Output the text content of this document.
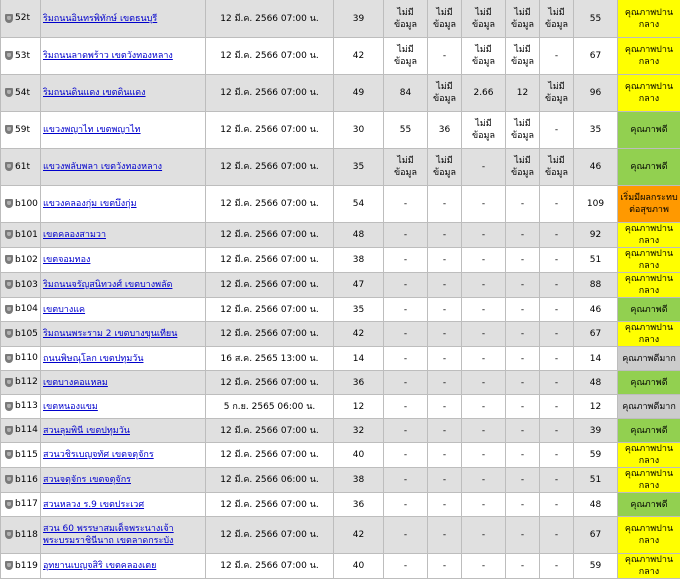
52t	ริมถนนอินทรพิทักษ์ เขตธนบุรี	12 มี.ค. 2566 07:00 น.	39	ไม่มีข้อมูล	ไม่มีข้อมูล	ไม่มีข้อมูล	ไม่มีข้อมูล	ไม่มีข้อมูล	55	คุณภาพปานกลาง
53t	ริมถนนลาดพร้าว เขตวังทองหลาง	12 มี.ค. 2566 07:00 น.	42	ไม่มีข้อมูล	-	ไม่มีข้อมูล	ไม่มีข้อมูล	-	67	คุณภาพปานกลาง
54t	ริมถนนดินแดง เขตดินแดง	12 มี.ค. 2566 07:00 น.	49	84	ไม่มีข้อมูล	2.66	12	ไม่มีข้อมูล	96	คุณภาพปานกลาง
59t	แขวงพญาไท เขตพญาไท	12 มี.ค. 2566 07:00 น.	30	55	36	ไม่มีข้อมูล	ไม่มีข้อมูล	-	35	คุณภาพดี
61t	แขวงพลับพลา เขตวังทองหลาง	12 มี.ค. 2566 07:00 น.	35	ไม่มีข้อมูล	ไม่มีข้อมูล	-	ไม่มีข้อมูล	ไม่มีข้อมูล	46	คุณภาพดี
b100	แขวงคลองกุ่ม เขตบึงกุ่ม	12 มี.ค. 2566 07:00 น.	54	-	-	-	-	-	109	เริ่มมีผลกระทบต่อสุขภาพ
b101	เขตคลองสามวา	12 มี.ค. 2566 07:00 น.	48	-	-	-	-	-	92	คุณภาพปานกลาง
b102	เขตจอมทอง	12 มี.ค. 2566 07:00 น.	38	-	-	-	-	-	51	คุณภาพปานกลาง
b103	ริมถนนจรัญสนิทวงศ์ เขตบางพลัด	12 มี.ค. 2566 07:00 น.	47	-	-	-	-	-	88	คุณภาพปานกลาง
b104	เขตบางแค	12 มี.ค. 2566 07:00 น.	35	-	-	-	-	-	46	คุณภาพดี
b105	ริมถนนพระราม 2 เขตบางขุนเทียน	12 มี.ค. 2566 07:00 น.	42	-	-	-	-	-	67	คุณภาพปานกลาง
b110	ถนนพิษณุโลก เขตปทุมวัน	16 ส.ค. 2565 13:00 น.	14	-	-	-	-	-	14	คุณภาพดีมาก
b112	เขตบางคอแหลม	12 มี.ค. 2566 07:00 น.	36	-	-	-	-	-	48	คุณภาพดี
b113	เขตหนองแขม	5 ก.ย. 2565 06:00 น.	12	-	-	-	-	-	12	คุณภาพดีมาก
b114	สวนลุมพินี เขตปทุมวัน	12 มี.ค. 2566 07:00 น.	32	-	-	-	-	-	39	คุณภาพดี
b115	สวนวชิรเบญจทัศ เขตจตุจักร	12 มี.ค. 2566 07:00 น.	40	-	-	-	-	-	59	คุณภาพปานกลาง
b116	สวนจตุจักร เขตจตุจักร	12 มี.ค. 2566 06:00 น.	38	-	-	-	-	-	51	คุณภาพปานกลาง
b117	สวนหลวง ร.9 เขตประเวศ	12 มี.ค. 2566 07:00 น.	36	-	-	-	-	-	48	คุณภาพดี
b118	สวน 60 พรรษาสมเด็จพระนางเจ้าพระบรมราชินีนาถ เขตลาดกระบัง	12 มี.ค. 2566 07:00 น.	42	-	-	-	-	-	67	คุณภาพปานกลาง
b119	อุทยานเบญจสิริ เขตคลองเตย	12 มี.ค. 2566 07:00 น.	40	-	-	-	-	-	59	คุณภาพปานกลาง
